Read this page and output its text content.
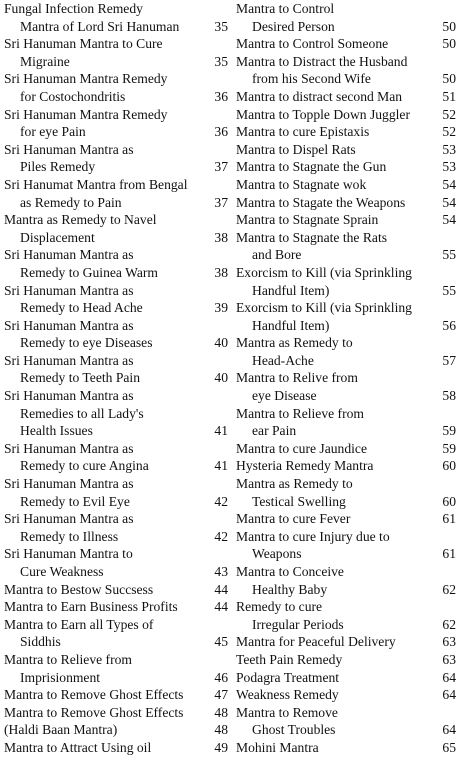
Fungal Infection Remedy
Mantra of Lord Sri Hanuman	35
Sri Hanuman Mantra to Cure
Migraine	35
Sri Hanuman Mantra Remedy
for Costochondritis	36
Sri Hanuman Mantra Remedy
for eye Pain	36
Sri Hanuman Mantra as
Piles Remedy	37
Sri Hanumat Mantra from Bengal
as Remedy to Pain	37
Mantra as Remedy to Navel
Displacement	38
Sri Hanuman Mantra as
Remedy to Guinea Warm	38
Sri Hanuman Mantra as
Remedy to Head Ache	39
Sri Hanuman Mantra as
Remedy to eye Diseases	40
Sri Hanuman Mantra as
Remedy to Teeth Pain	40
Sri Hanuman Mantra as
Remedies to all Lady's
Health Issues	41
Sri Hanuman Mantra as
Remedy to cure Angina	41
Sri Hanuman Mantra as
Remedy to Evil Eye	42
Sri Hanuman Mantra as
Remedy to Illness	42
Sri Hanuman Mantra to
Cure Weakness	43
Mantra to Bestow Succsess	44
Mantra to Earn Business Profits	44
Mantra to Earn all Types of
Siddhis	45
Mantra to Relieve from
Imprisionment	46
Mantra to Remove Ghost Effects	47
Mantra to Remove Ghost Effects	48
(Haldi Baan Mantra)	48
Mantra to Attract Using oil	49
Mantra to Control
Desired Person	50
Mantra to Control Someone	50
Mantra to Distract the Husband
from his Second Wife	50
Mantra to distract second Man	51
Mantra to Topple Down Juggler	52
Mantra to cure Epistaxis	52
Mantra to Dispel Rats	53
Mantra to Stagnate the Gun	53
Mantra to Stagnate wok	54
Mantra to Stagate the Weapons	54
Mantra to Stagnate Sprain	54
Mantra to Stagnate the Rats
and Bore	55
Exorcism to Kill (via Sprinkling
Handful Item)	55
Exorcism to Kill (via Sprinkling
Handful Item)	56
Mantra as Remedy to
Head-Ache	57
Mantra to Relive from
eye Disease	58
Mantra to Relieve from
ear Pain	59
Mantra to cure Jaundice	59
Hysteria Remedy Mantra	60
Mantra as Remedy to
Testical Swelling	60
Mantra to cure Fever	61
Mantra to cure Injury due to
Weapons	61
Mantra to Conceive
Healthy Baby	62
Remedy to cure
Irregular Periods	62
Mantra for Peaceful Delivery	63
Teeth Pain Remedy	63
Podagra Treatment	64
Weakness Remedy	64
Mantra to Remove
Ghost Troubles	64
Mohini Mantra	65
